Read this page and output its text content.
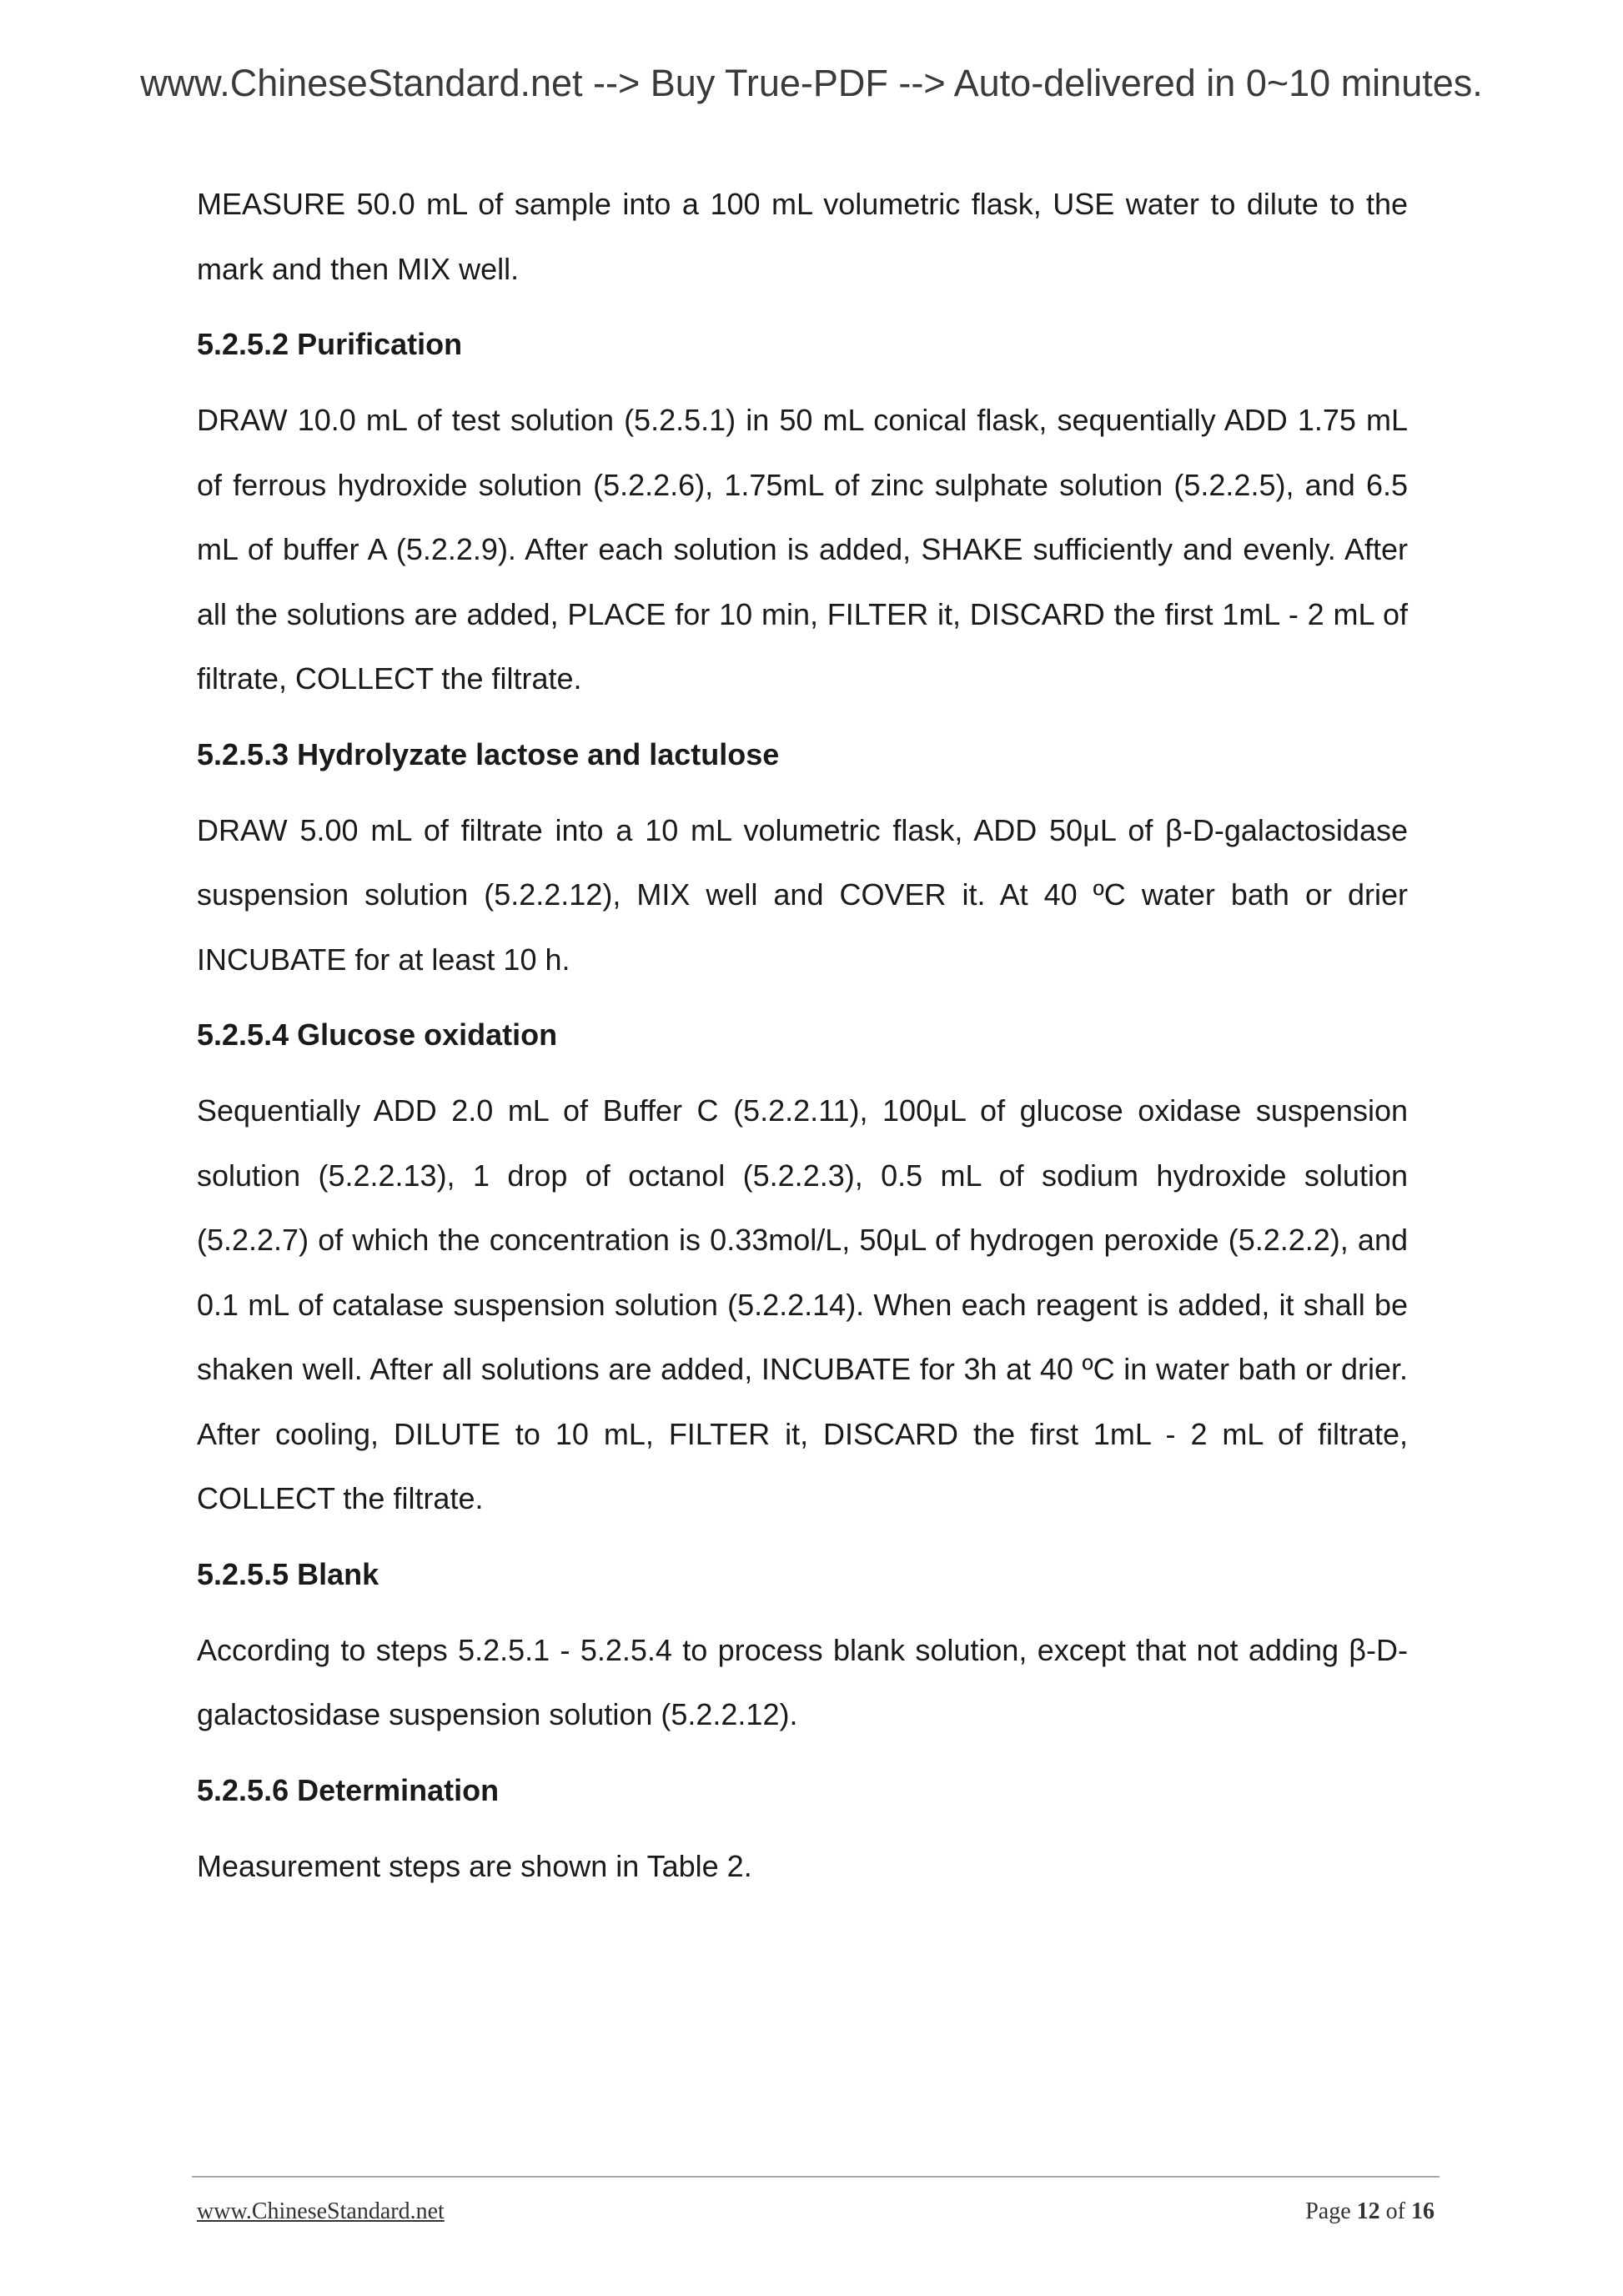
www.ChineseStandard.net --> Buy True-PDF --> Auto-delivered in 0~10 minutes.

MEASURE 50.0 mL of sample into a 100 mL volumetric flask, USE water to dilute to the mark and then MIX well.

5.2.5.2 Purification

DRAW 10.0 mL of test solution (5.2.5.1) in 50 mL conical flask, sequentially ADD 1.75 mL of ferrous hydroxide solution (5.2.2.6), 1.75mL of zinc sulphate solution (5.2.2.5), and 6.5 mL of buffer A (5.2.2.9). After each solution is added, SHAKE sufficiently and evenly. After all the solutions are added, PLACE for 10 min, FILTER it, DISCARD the first 1mL - 2 mL of filtrate, COLLECT the filtrate.

5.2.5.3 Hydrolyzate lactose and lactulose

DRAW 5.00 mL of filtrate into a 10 mL volumetric flask, ADD 50μL of β-D-galactosidase suspension solution (5.2.2.12), MIX well and COVER it. At 40 ºC water bath or drier INCUBATE for at least 10 h.

5.2.5.4 Glucose oxidation

Sequentially ADD 2.0 mL of Buffer C (5.2.2.11), 100μL of glucose oxidase suspension solution (5.2.2.13), 1 drop of octanol (5.2.2.3), 0.5 mL of sodium hydroxide solution (5.2.2.7) of which the concentration is 0.33mol/L, 50μL of hydrogen peroxide (5.2.2.2), and 0.1 mL of catalase suspension solution (5.2.2.14). When each reagent is added, it shall be shaken well. After all solutions are added, INCUBATE for 3h at 40 ºC in water bath or drier. After cooling, DILUTE to 10 mL, FILTER it, DISCARD the first 1mL - 2 mL of filtrate, COLLECT the filtrate.

5.2.5.5 Blank

According to steps 5.2.5.1 - 5.2.5.4 to process blank solution, except that not adding β-D-galactosidase suspension solution (5.2.2.12).

5.2.5.6 Determination

Measurement steps are shown in Table 2.

www.ChineseStandard.net	Page 12 of 16
